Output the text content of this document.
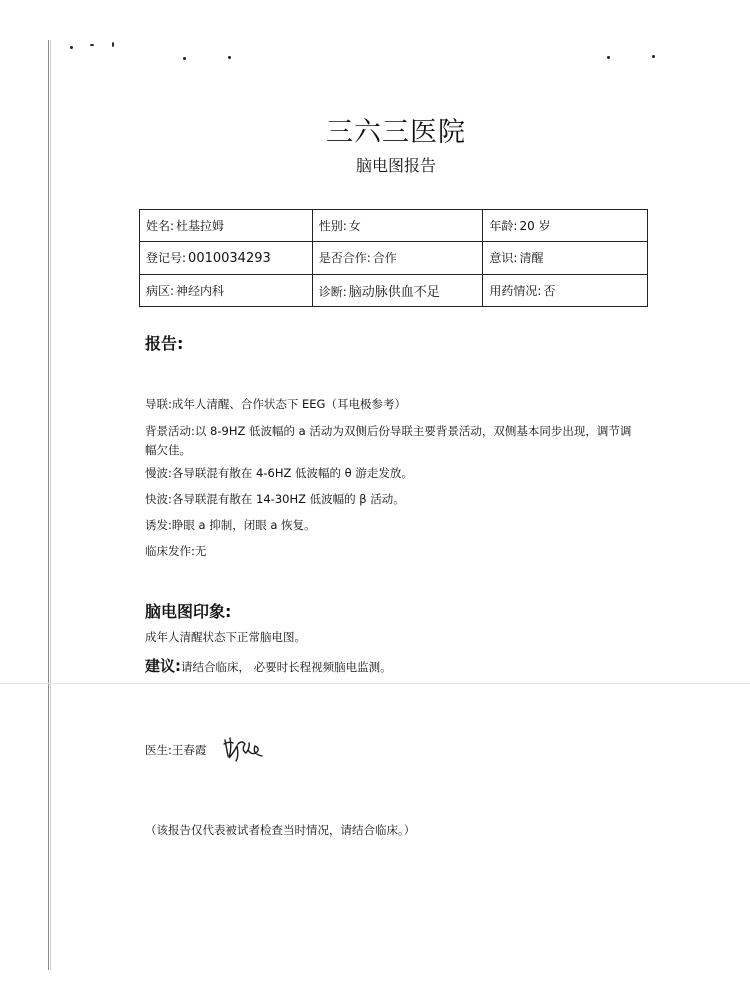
三六三医院
脑电图报告
姓名: 杜基拉姆	性别: 女	年龄: 20 岁
登记号: 0010034293	是否合作: 合作	意识: 清醒
病区: 神经内科	诊断: 脑动脉供血不足	用药情况: 否
报告:
导联:成年人清醒、合作状态下 EEG（耳电极参考）
背景活动:以 8-9HZ 低波幅的 a 活动为双侧后份导联主要背景活动，双侧基本同步出现，调节调幅欠佳。
慢波:各导联混有散在 4-6HZ 低波幅的 θ 游走发放。
快波:各导联混有散在 14-30HZ 低波幅的 β 活动。
诱发:睁眼 a 抑制，闭眼 a 恢复。
临床发作:无
脑电图印象:
成年人清醒状态下正常脑电图。
建议:请结合临床， 必要时长程视频脑电监测。
医生:王春霞
（该报告仅代表被试者检查当时情况，请结合临床。）
